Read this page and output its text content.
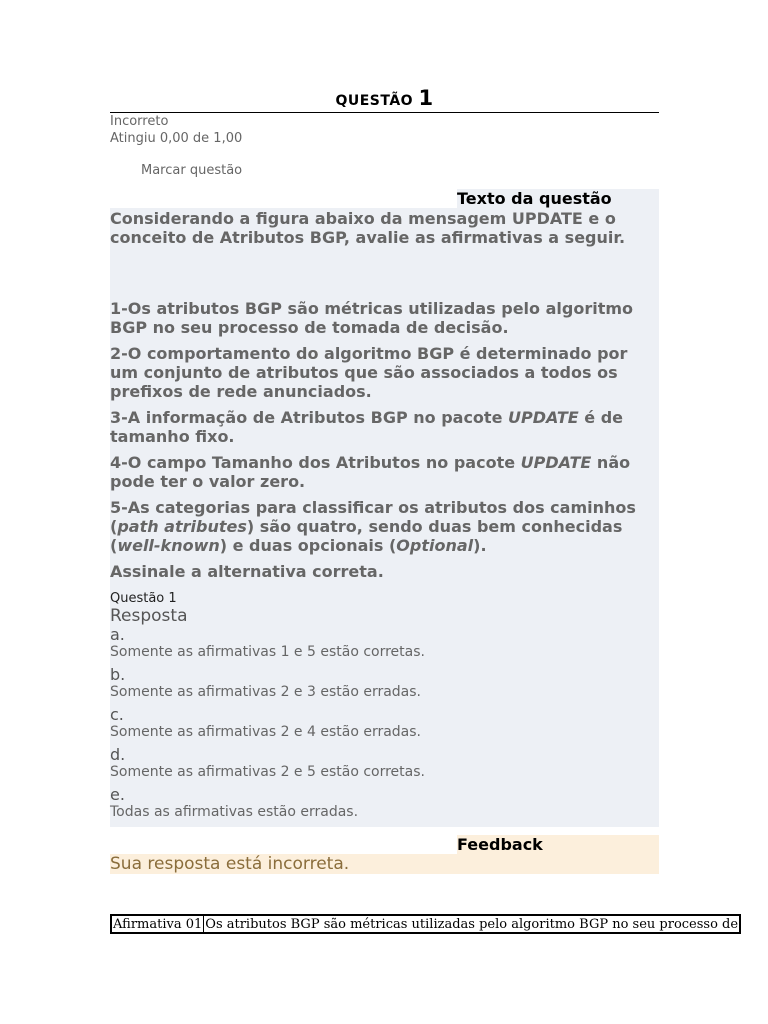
QUESTÃO 1
Incorreto
Atingiu 0,00 de 1,00
Marcar questão
Texto da questão

Considerando a figura abaixo da mensagem UPDATE e o conceito de Atributos BGP, avalie as afirmativas a seguir.

1-Os atributos BGP são métricas utilizadas pelo algoritmo BGP no seu processo de tomada de decisão.

2-O comportamento do algoritmo BGP é determinado por um conjunto de atributos que são associados a todos os prefixos de rede anunciados.

3-A informação de Atributos BGP no pacote UPDATE é de tamanho fixo.

4-O campo Tamanho dos Atributos no pacote UPDATE não pode ter o valor zero.

5-As categorias para classificar os atributos dos caminhos (path atributes) são quatro, sendo duas bem conhecidas (well-known) e duas opcionais (Optional).

Assinale a alternativa correta.

Questão 1
Resposta
a.
Somente as afirmativas 1 e 5 estão corretas.
b.
Somente as afirmativas 2 e 3 estão erradas.
c.
Somente as afirmativas 2 e 4 estão erradas.
d.
Somente as afirmativas 2 e 5 estão corretas.
e.
Todas as afirmativas estão erradas.
Feedback
Sua resposta está incorreta.
Afirmativa 01	Os atributos BGP são métricas utilizadas pelo algoritmo BGP no seu processo de
